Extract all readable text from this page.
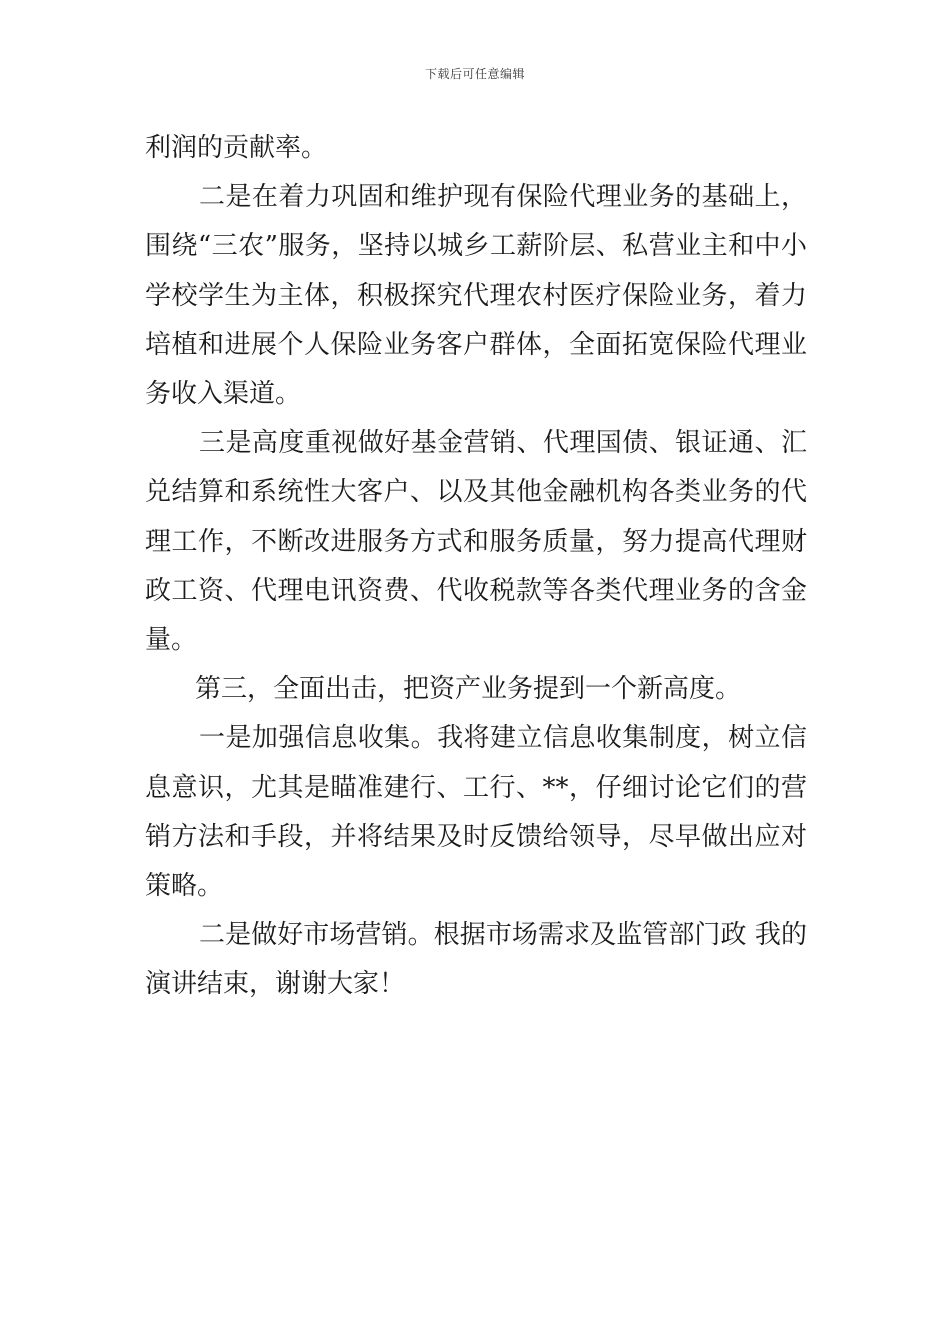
下载后可任意编辑

利润的贡献率。

二是在着力巩固和维护现有保险代理业务的基础上，围绕“三农”服务，坚持以城乡工薪阶层、私营业主和中小学校学生为主体，积极探究代理农村医疗保险业务，着力培植和进展个人保险业务客户群体，全面拓宽保险代理业务收入渠道。

三是高度重视做好基金营销、代理国债、银证通、汇兑结算和系统性大客户、以及其他金融机构各类业务的代理工作，不断改进服务方式和服务质量，努力提高代理财政工资、代理电讯资费、代收税款等各类代理业务的含金量。

第三，全面出击，把资产业务提到一个新高度。

一是加强信息收集。我将建立信息收集制度，树立信息意识，尤其是瞄准建行、工行、**，仔细讨论它们的营销方法和手段，并将结果及时反馈给领导，尽早做出应对策略。

二是做好市场营销。根据市场需求及监管部门政 我的演讲结束，谢谢大家！
